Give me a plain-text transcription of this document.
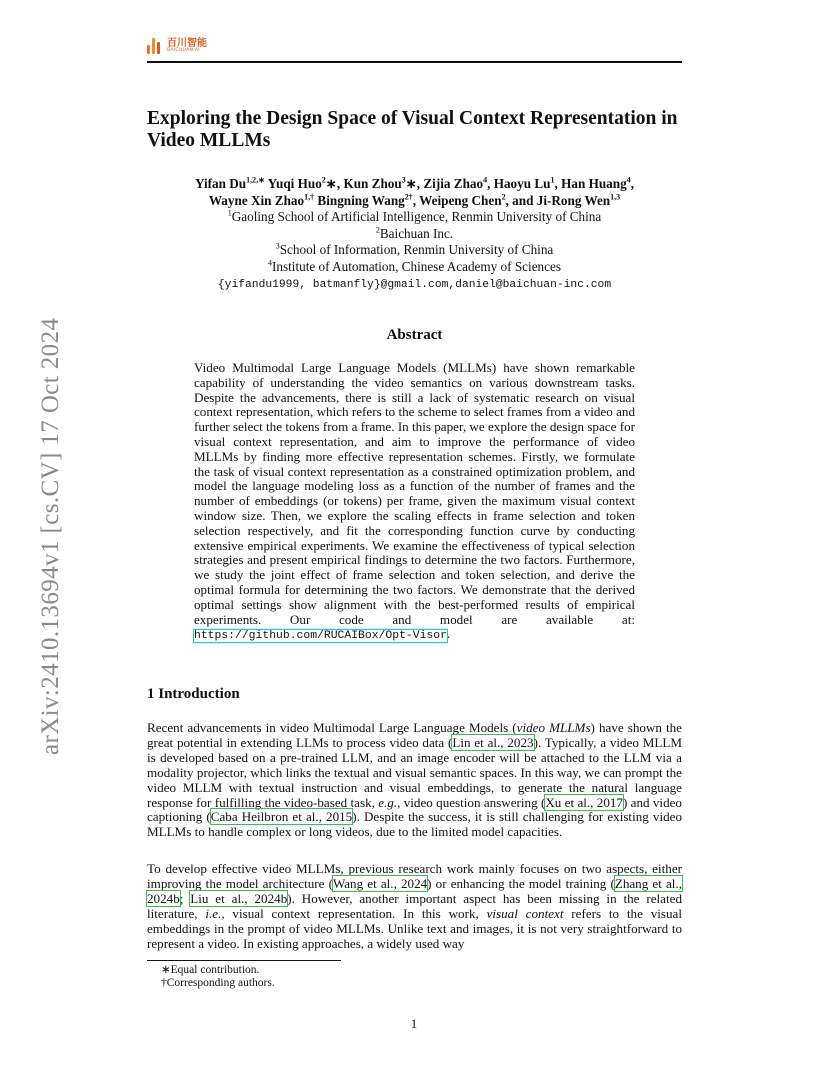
百川智能
BAICHUAN AI
arXiv:2410.13694v1 [cs.CV] 17 Oct 2024
Exploring the Design Space of Visual Context Representation in Video MLLMs
Yifan $Du^{1,2,∗}$ Yuqi Huo$^2$∗, Kun Zhou$^3$∗, Zijia Zhao$^4$, Haoyu Lu$^1$, Han Huang$^4$,
Wayne Xin Zhao$^{1,\dagger}$ Bingning Wang$^{2\dagger}$, Weipeng Chen$^2$, and Ji-Rong Wen$^{1,3}$
$^1$Gaoling School of Artificial Intelligence, Renmin University of China
$^2$Baichuan Inc.
$^3$School of Information, Renmin University of China
$^4$Institute of Automation, Chinese Academy of Sciences
{yifandu1999, batmanfly}@gmail.com,daniel@baichuan-inc.com
Abstract
Video Multimodal Large Language Models (MLLMs) have shown remarkable capability of understanding the video semantics on various downstream tasks. Despite the advancements, there is still a lack of systematic research on visual context representation, which refers to the scheme to select frames from a video and further select the tokens from a frame. In this paper, we explore the design space for visual context representation, and aim to improve the performance of video MLLMs by finding more effective representation schemes. Firstly, we formulate the task of visual context representation as a constrained optimization problem, and model the language modeling loss as a function of the number of frames and the number of embeddings (or tokens) per frame, given the maximum visual context window size. Then, we explore the scaling effects in frame selection and token selection respectively, and fit the corresponding function curve by conducting extensive empirical experiments. We examine the effectiveness of typical selection strategies and present empirical findings to determine the two factors. Furthermore, we study the joint effect of frame selection and token selection, and derive the optimal formula for determining the two factors. We demonstrate that the derived optimal settings show alignment with the best-performed results of empirical experiments. Our code and model are available at: https://github.com/RUCAIBox/Opt-Visor.
1 Introduction
Recent advancements in video Multimodal Large Language Models (video MLLMs) have shown the great potential in extending LLMs to process video data (Lin et al., 2023). Typically, a video MLLM is developed based on a pre-trained LLM, and an image encoder will be attached to the LLM via a modality projector, which links the textual and visual semantic spaces. In this way, we can prompt the video MLLM with textual instruction and visual embeddings, to generate the natural language response for fulfilling the video-based task, e.g., video question answering (Xu et al., 2017) and video captioning (Caba Heilbron et al., 2015). Despite the success, it is still challenging for existing video MLLMs to handle complex or long videos, due to the limited model capacities.
To develop effective video MLLMs, previous research work mainly focuses on two aspects, either improving the model architecture (Wang et al., 2024) or enhancing the model training (Zhang et al., 2024b; Liu et al., 2024b). However, another important aspect has been missing in the related literature, i.e., visual context representation. In this work, visual context refers to the visual embeddings in the prompt of video MLLMs. Unlike text and images, it is not very straightforward to represent a video. In existing approaches, a widely used way
∗Equal contribution.
†Corresponding authors.
1
